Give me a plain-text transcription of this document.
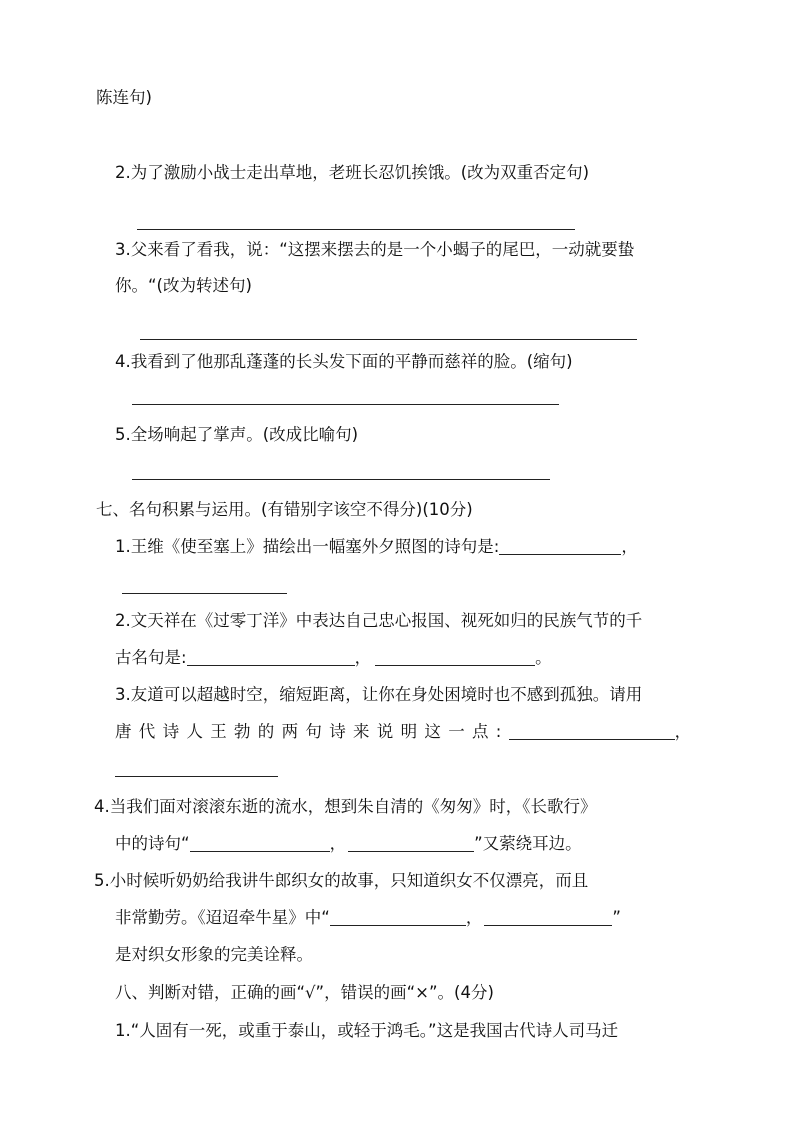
陈连句)
2.为了激励小战士走出草地，老班长忍饥挨饿。(改为双重否定句)
3.父来看了看我，说：“这摆来摆去的是一个小蝎子的尾巴，一动就要蛰
你。“(改为转述句)
4.我看到了他那乱蓬蓬的长头发下面的平静而慈祥的脸。(缩句)
5.全场响起了掌声。(改成比喻句)
七、名句积累与运用。(有错别字该空不得分)(10分)
1.王维《使至塞上》描绘出一幅塞外夕照图的诗句是:	，
2.文天祥在《过零丁洋》中表达自己忠心报国、视死如归的民族气节的千
古名句是:	，	。
3.友道可以超越时空，缩短距离，让你在身处困境时也不感到孤独。请用
唐代诗人王勃的两句诗来说明这一点:	，
4.当我们面对滚滚东逝的流水，想到朱自清的《匆匆》时，《长歌行》
中的诗句“	，	”又萦绕耳边。
5.小时候听奶奶给我讲牛郎织女的故事，只知道织女不仅漂亮，而且
非常勤劳。《迢迢牵牛星》中“	，	”
是对织女形象的完美诠释。
八、判断对错，正确的画“√”，错误的画“×”。(4分)
1.“人固有一死，或重于泰山，或轻于鸿毛。”这是我国古代诗人司马迁
